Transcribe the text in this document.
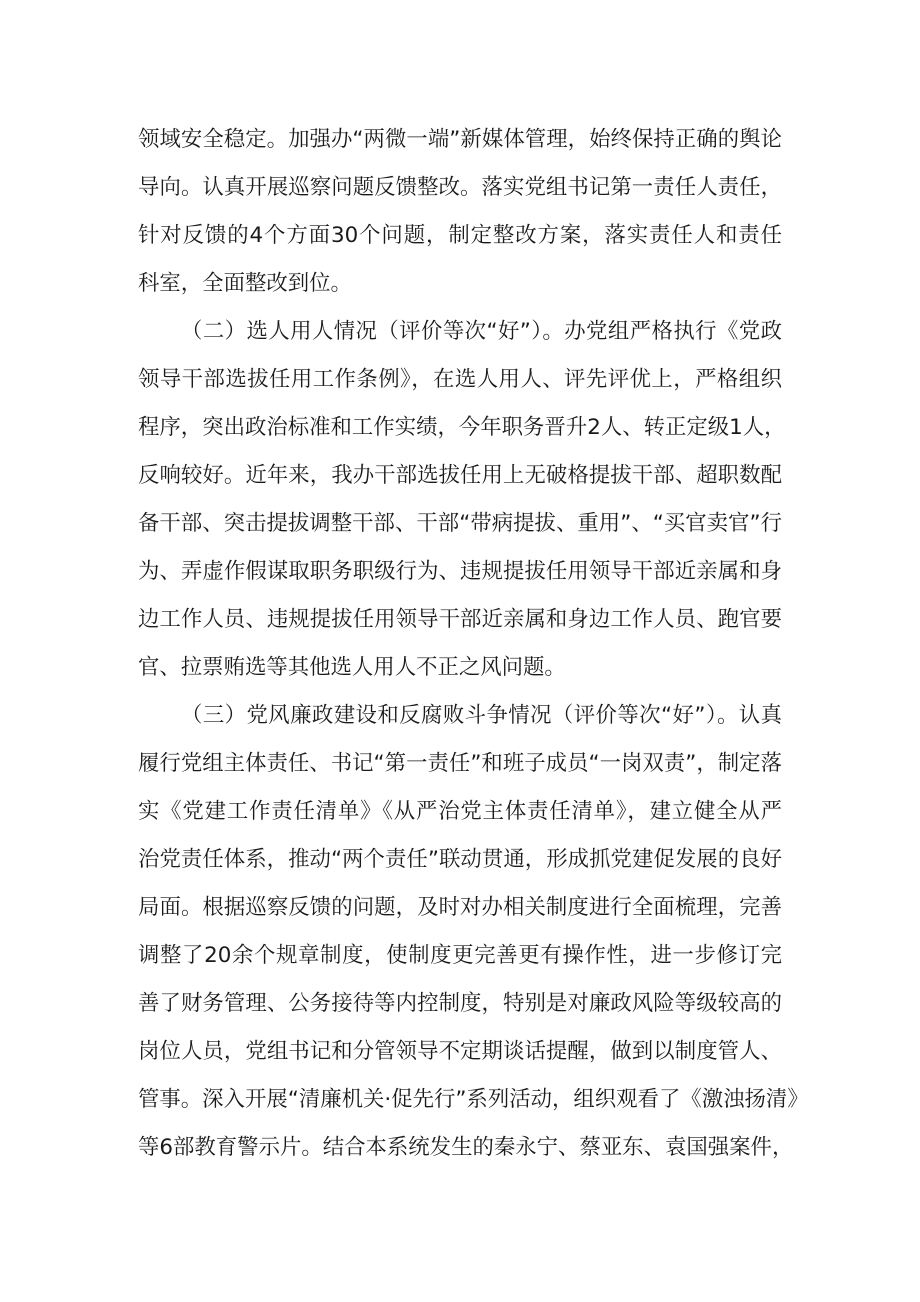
领域安全稳定。加强办“两微一端”新媒体管理，始终保持正确的舆论
导向。认真开展巡察问题反馈整改。落实党组书记第一责任人责任，
针对反馈的4个方面30个问题，制定整改方案，落实责任人和责任
科室，全面整改到位。
（二）选人用人情况（评价等次“好”）。办党组严格执行《党政
领导干部选拔任用工作条例》，在选人用人、评先评优上，严格组织
程序，突出政治标准和工作实绩，今年职务晋升2人、转正定级1人，
反响较好。近年来，我办干部选拔任用上无破格提拔干部、超职数配
备干部、突击提拔调整干部、干部“带病提拔、重用”、“买官卖官”行
为、弄虚作假谋取职务职级行为、违规提拔任用领导干部近亲属和身
边工作人员、违规提拔任用领导干部近亲属和身边工作人员、跑官要
官、拉票贿选等其他选人用人不正之风问题。
（三）党风廉政建设和反腐败斗争情况（评价等次“好”）。认真
履行党组主体责任、书记“第一责任”和班子成员“一岗双责”，制定落
实《党建工作责任清单》《从严治党主体责任清单》，建立健全从严
治党责任体系，推动“两个责任”联动贯通，形成抓党建促发展的良好
局面。根据巡察反馈的问题，及时对办相关制度进行全面梳理，完善
调整了20余个规章制度，使制度更完善更有操作性，进一步修订完
善了财务管理、公务接待等内控制度，特别是对廉政风险等级较高的
岗位人员，党组书记和分管领导不定期谈话提醒，做到以制度管人、
管事。深入开展“清廉机关·促先行”系列活动，组织观看了《激浊扬清》
等6部教育警示片。结合本系统发生的秦永宁、蔡亚东、袁国强案件，
